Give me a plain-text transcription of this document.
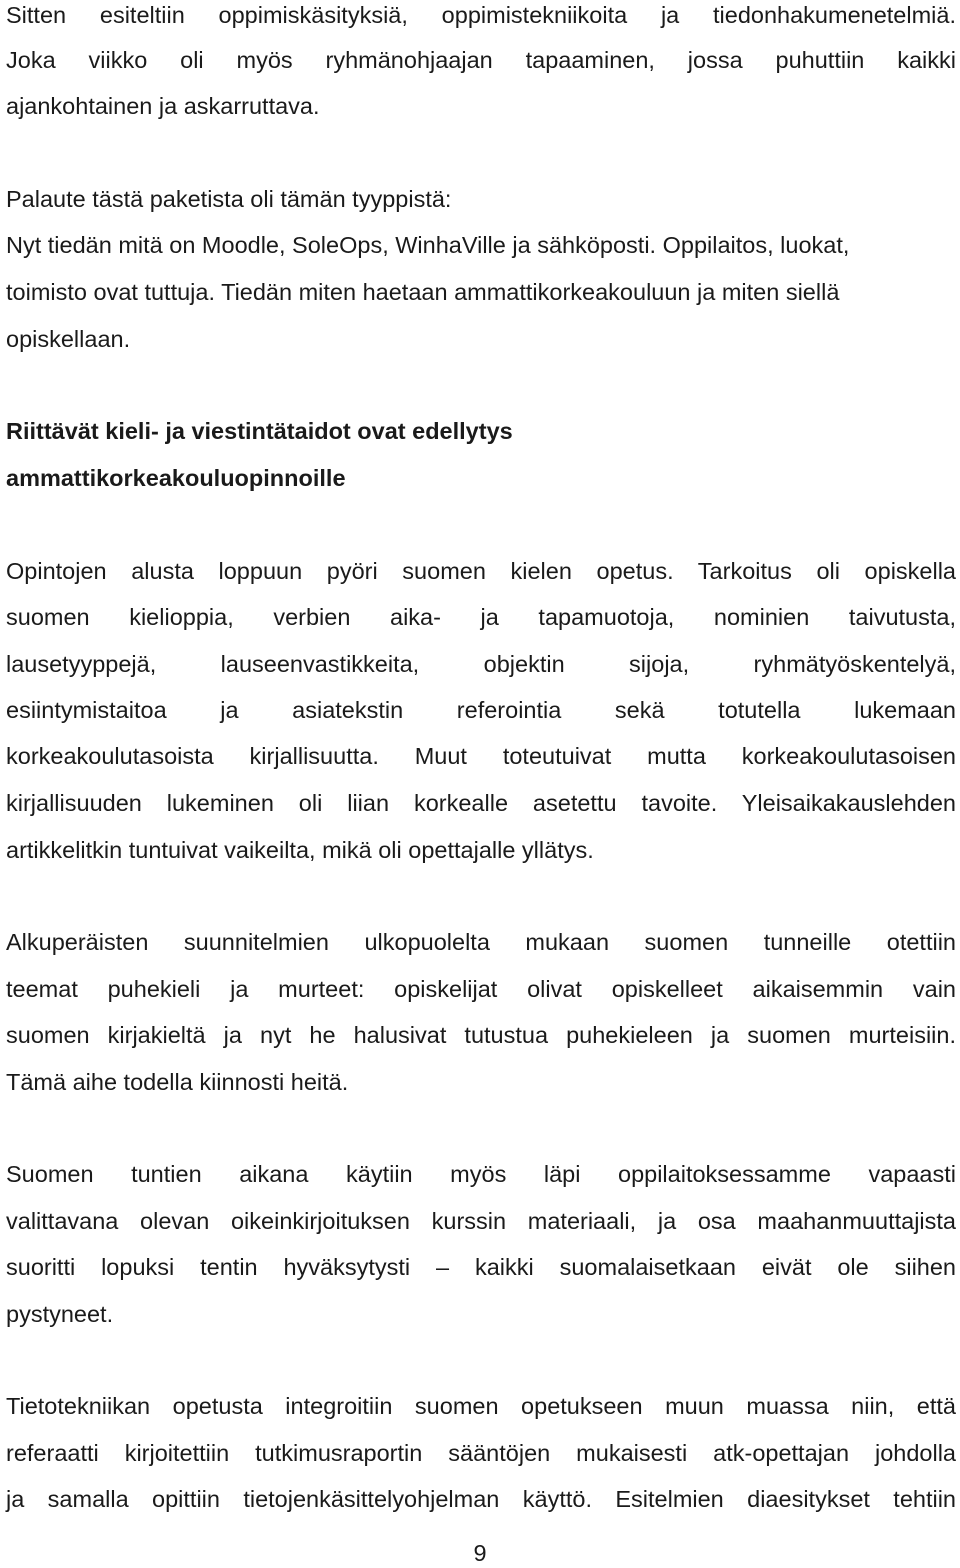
Sitten esiteltiin oppimiskäsityksiä, oppimistekniikoita ja tiedonhakumenetelmiä.
Joka viikko oli myös ryhmänohjaajan tapaaminen, jossa puhuttiin kaikki
ajankohtainen ja askarruttava.
Palaute tästä paketista oli tämän tyyppistä:
Nyt tiedän mitä on Moodle, SoleOps, WinhaVille ja sähköposti. Oppilaitos, luokat,
toimisto ovat tuttuja. Tiedän miten haetaan ammattikorkeakouluun ja miten siellä
opiskellaan.
Riittävät kieli- ja viestintätaidot ovat edellytys
ammattikorkeakouluopinnoille
Opintojen alusta loppuun pyöri suomen kielen opetus. Tarkoitus oli opiskella
suomen kielioppia, verbien aika- ja tapamuotoja, nominien taivutusta,
lausetyyppejä, lauseenvastikkeita, objektin sijoja, ryhmätyöskentelyä,
esiintymistaitoa ja asiatekstin referointia sekä totutella lukemaan
korkeakoulutasoista kirjallisuutta. Muut toteutuivat mutta korkeakoulutasoisen
kirjallisuuden lukeminen oli liian korkealle asetettu tavoite. Yleisaikakauslehden
artikkelitkin tuntuivat vaikeilta, mikä oli opettajalle yllätys.
Alkuperäisten suunnitelmien ulkopuolelta mukaan suomen tunneille otettiin
teemat puhekieli ja murteet: opiskelijat olivat opiskelleet aikaisemmin vain
suomen kirjakieltä ja nyt he halusivat tutustua puhekieleen ja suomen murteisiin.
Tämä aihe todella kiinnosti heitä.
Suomen tuntien aikana käytiin myös läpi oppilaitoksessamme vapaasti
valittavana olevan oikeinkirjoituksen kurssin materiaali, ja osa maahanmuuttajista
suoritti lopuksi tentin hyväksytysti – kaikki suomalaisetkaan eivät ole siihen
pystyneet.
Tietotekniikan opetusta integroitiin suomen opetukseen muun muassa niin, että
referaatti kirjoitettiin tutkimusraportin sääntöjen mukaisesti atk-opettajan johdolla
ja samalla opittiin tietojenkäsittelyohjelman käyttö. Esitelmien diaesitykset tehtiin
9
